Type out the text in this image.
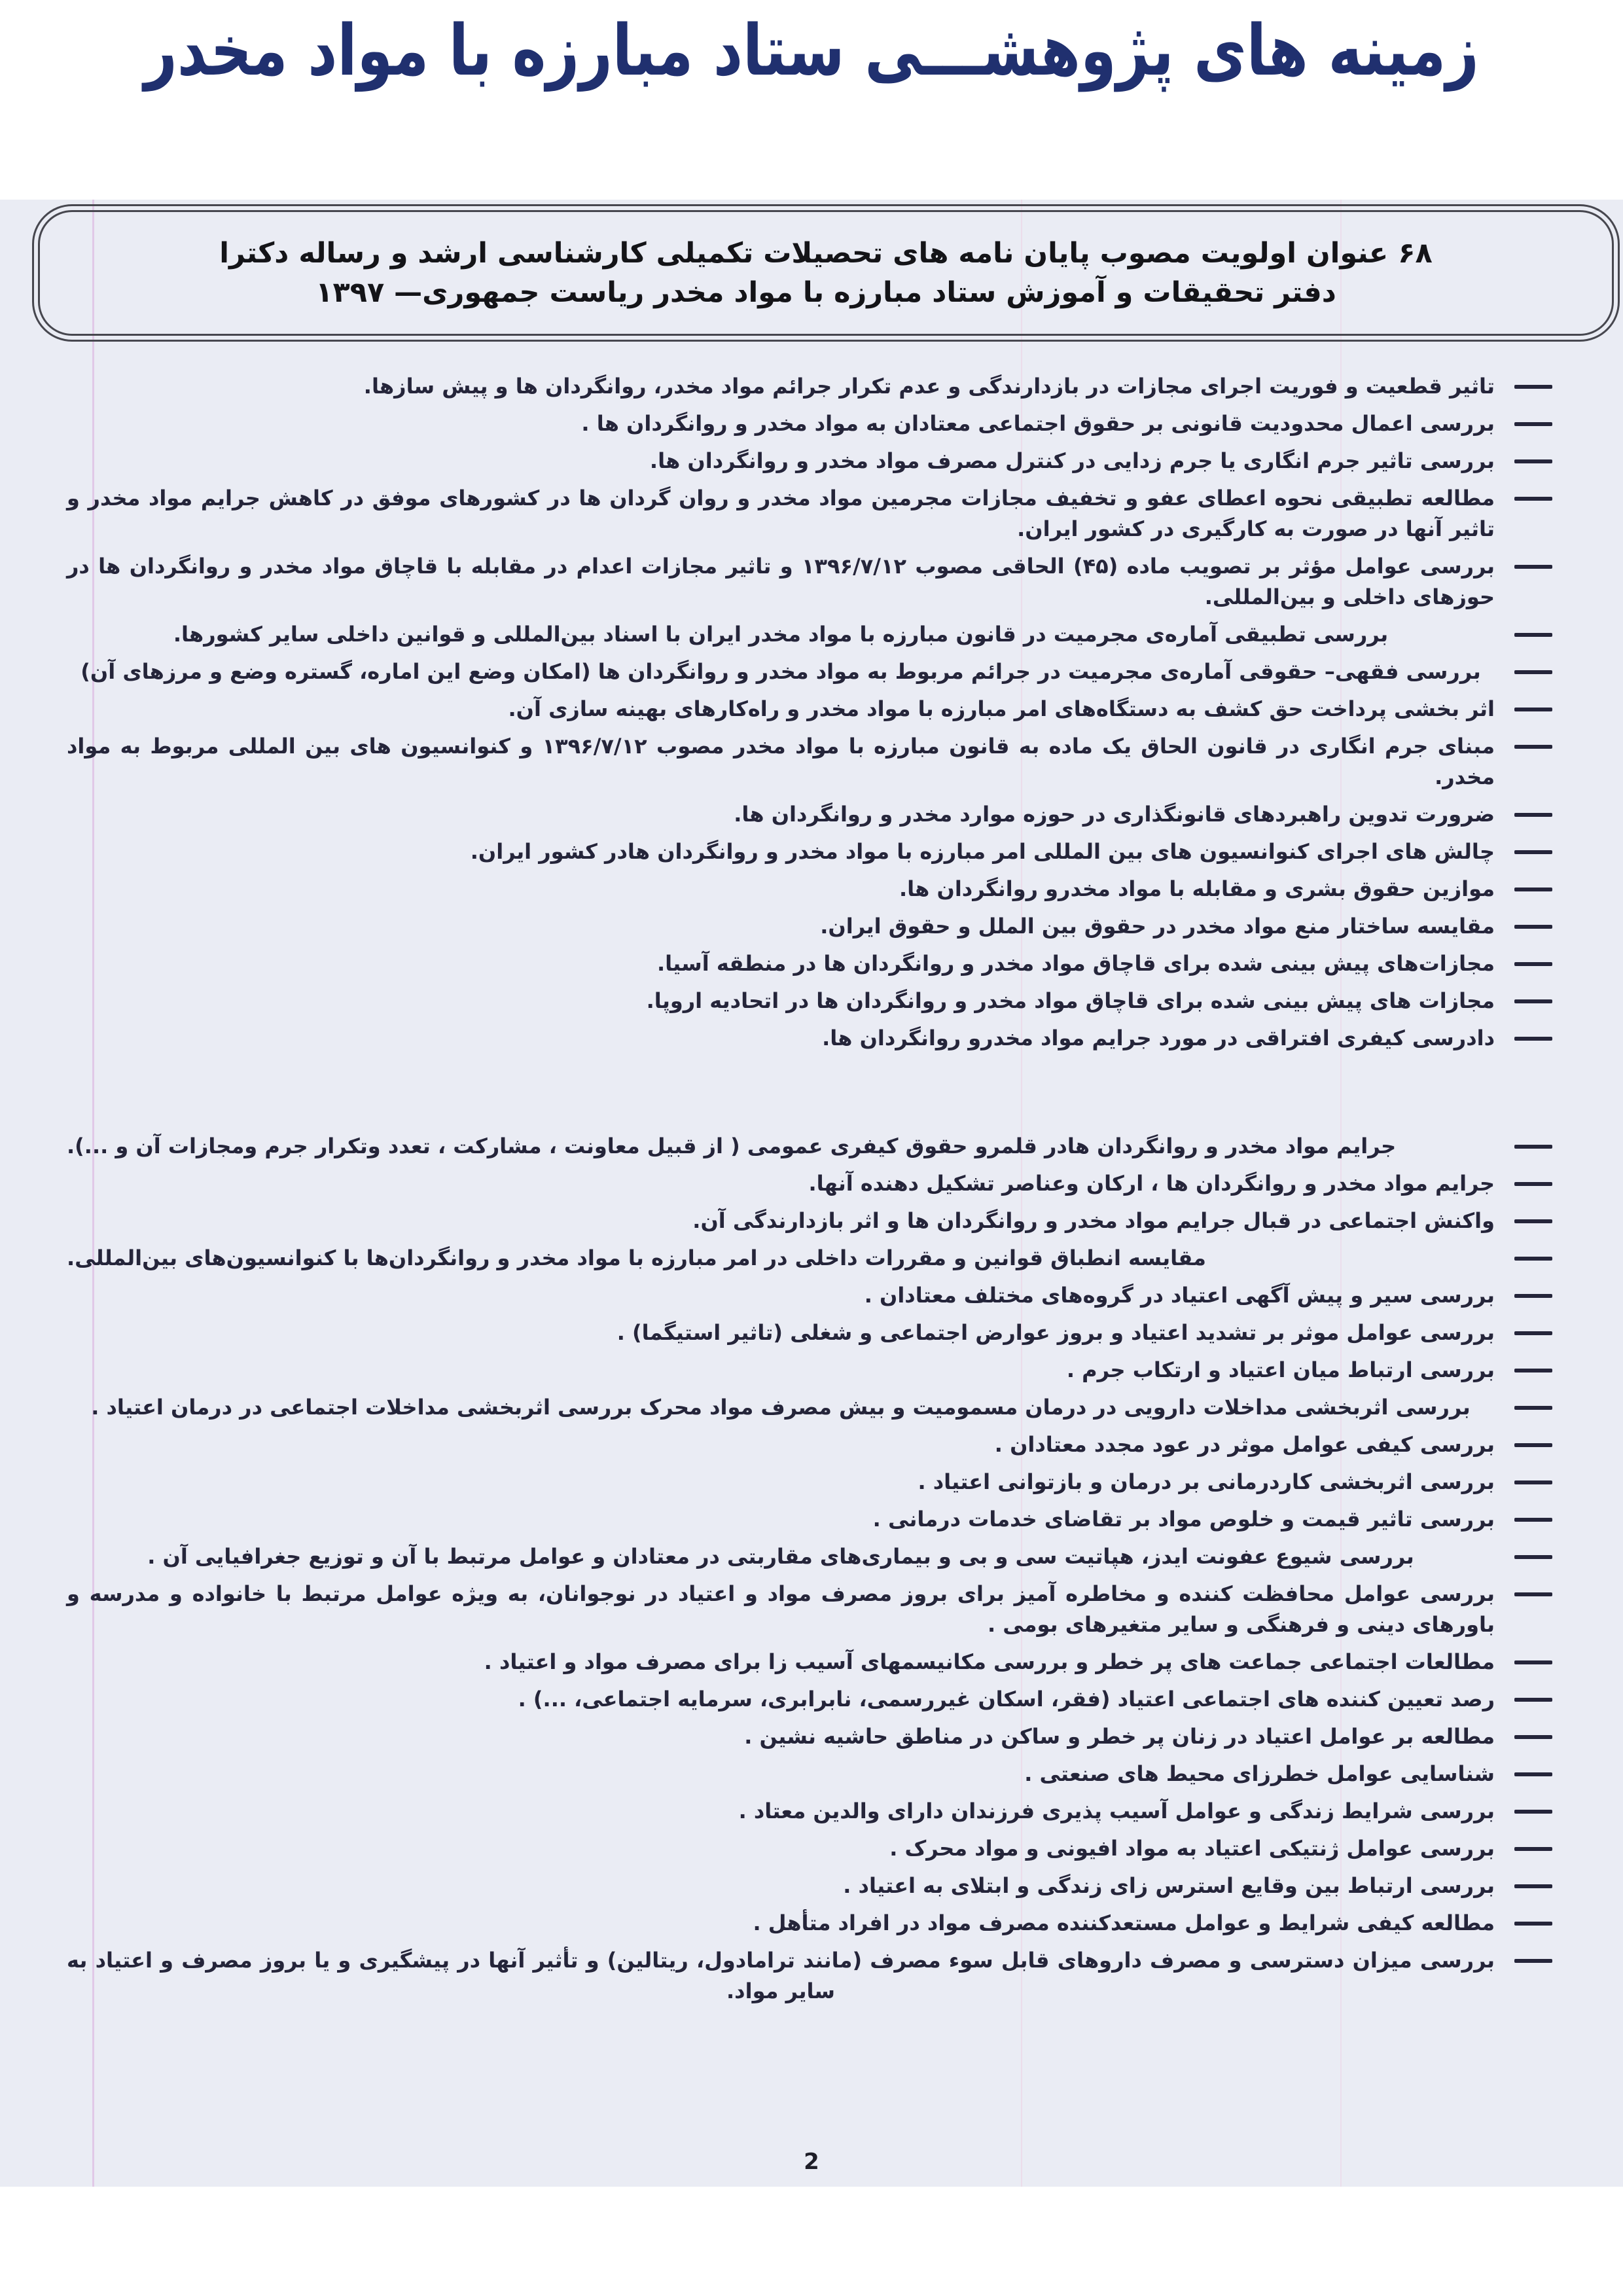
زمینه های پژوهشـــی ستاد مبارزه با مواد مخدر
۶۸ عنوان اولویت مصوب پایان نامه های تحصیلات تکمیلی کارشناسی ارشد و رساله دکترا
دفتر تحقیقات و آموزش ستاد مبارزه با مواد مخدر ریاست جمهوری— ۱۳۹۷
تاثیر قطعیت و فوریت اجرای مجازات در بازدارندگی و عدم تکرار جرائم مواد مخدر، روانگردان ها و پیش سازها.
بررسی اعمال محدودیت قانونی بر حقوق اجتماعی معتادان به مواد مخدر و روانگردان ها .
بررسی تاثیر جرم انگاری یا جرم زدایی در کنترل مصرف مواد مخدر و روانگردان ها.
مطالعه تطبیقی نحوه اعطای عفو و تخفیف مجازات مجرمین مواد مخدر و روان گردان ها در کشورهای موفق در کاهش جرایم مواد مخدر و تاثیر آنها در صورت به کارگیری در کشور ایران.
بررسی عوامل مؤثر بر تصویب ماده (۴۵) الحاقی مصوب ۱۳۹۶/۷/۱۲ و تاثیر مجازات اعدام در مقابله با قاچاق مواد مخدر و روانگردان ها در حوزهای داخلی و بین‌المللی.
بررسی تطبیقی آماره‌ی مجرمیت در قانون مبارزه با مواد مخدر ایران با اسناد بین‌المللی و قوانین داخلی سایر کشورها.
بررسی فقهی– حقوقی آماره‌ی مجرمیت در جرائم مربوط به مواد مخدر و روانگردان ها (امکان وضع این اماره، گستره وضع و مرزهای آن)
اثر بخشی پرداخت حق کشف به دستگاه‌های امر مبارزه با مواد مخدر و راه‌کارهای بهینه سازی آن.
مبنای جرم انگاری در قانون الحاق یک ماده به قانون مبارزه با مواد مخدر مصوب ۱۳۹۶/۷/۱۲ و کنوانسیون های بین المللی مربوط به مواد مخدر.
ضرورت تدوین راهبردهای قانونگذاری در حوزه موارد مخدر و روانگردان ها.
چالش های اجرای کنوانسیون های بین المللی امر مبارزه با مواد مخدر و روانگردان هادر کشور ایران.
موازین حقوق بشری و مقابله با مواد مخدرو روانگردان ها.
مقایسه ساختار منع مواد مخدر در حقوق بین الملل و حقوق ایران.
مجازات‌های پیش بینی شده برای قاچاق مواد مخدر و روانگردان ها در منطقه آسیا.
مجازات های پیش بینی شده برای قاچاق مواد مخدر و روانگردان ها در اتحادیه اروپا.
دادرسی کیفری افتراقی در مورد جرایم مواد مخدرو روانگردان ها.
جرایم مواد مخدر و روانگردان هادر قلمرو حقوق کیفری عمومی ( از قبیل معاونت ، مشارکت ، تعدد وتکرار جرم ومجازات آن و ...).
جرایم مواد مخدر و روانگردان ها ، ارکان وعناصر تشکیل دهنده آنها.
واکنش اجتماعی در قبال جرایم مواد مخدر و روانگردان ها و اثر بازدارندگی آن.
مقایسه انطباق قوانین و مقررات داخلی در امر مبارزه با مواد مخدر و روانگردان‌ها با کنوانسیون‌های بین‌المللی.
بررسی سیر و پیش آگهی اعتیاد در گروه‌های مختلف معتادان .
بررسی عوامل موثر بر تشدید اعتیاد و بروز عوارض اجتماعی و شغلی (تاثیر استیگما) .
بررسی ارتباط میان اعتیاد و ارتکاب جرم .
بررسی اثربخشی مداخلات دارویی در درمان مسمومیت و بیش مصرف مواد محرک بررسی اثربخشی مداخلات اجتماعی در درمان اعتیاد .
بررسی کیفی عوامل موثر در عود مجدد معتادان .
بررسی اثربخشی کاردرمانی بر درمان و بازتوانی اعتیاد .
بررسی تاثیر قیمت و خلوص مواد بر تقاضای خدمات درمانی .
بررسی شیوع عفونت ایدز، هپاتیت سی و بی و بیماری‌های مقاربتی در معتادان و عوامل مرتبط با آن و توزیع جغرافیایی آن .
بررسی عوامل محافظت کننده و مخاطره آمیز برای بروز مصرف مواد و اعتیاد در نوجوانان، به ویژه عوامل مرتبط با خانواده و مدرسه و باورهای دینی و فرهنگی و سایر متغیرهای بومی .
مطالعات اجتماعی جماعت های پر خطر و بررسی مکانیسمهای آسیب زا برای مصرف مواد و اعتیاد .
رصد تعیین کننده های اجتماعی اعتیاد (فقر، اسکان غیررسمی، نابرابری، سرمایه اجتماعی، ...) .
مطالعه بر عوامل اعتیاد در زنان پر خطر و ساکن در مناطق حاشیه نشین .
شناسایی عوامل خطرزای محیط های صنعتی .
بررسی شرایط زندگی و عوامل آسیب پذیری فرزندان دارای والدین معتاد .
بررسی عوامل ژنتیکی اعتیاد به مواد افیونی و مواد محرک .
بررسی ارتباط بین وقایع استرس زای زندگی و ابتلای به اعتیاد .
مطالعه کیفی شرایط و عوامل مستعدکننده مصرف مواد در افراد متأهل .
بررسی میزان دسترسی و مصرف داروهای قابل سوء مصرف (مانند ترامادول، ریتالین) و تأثیر آنها در پیشگیری و یا بروز مصرف و اعتیاد به سایر مواد.
2
